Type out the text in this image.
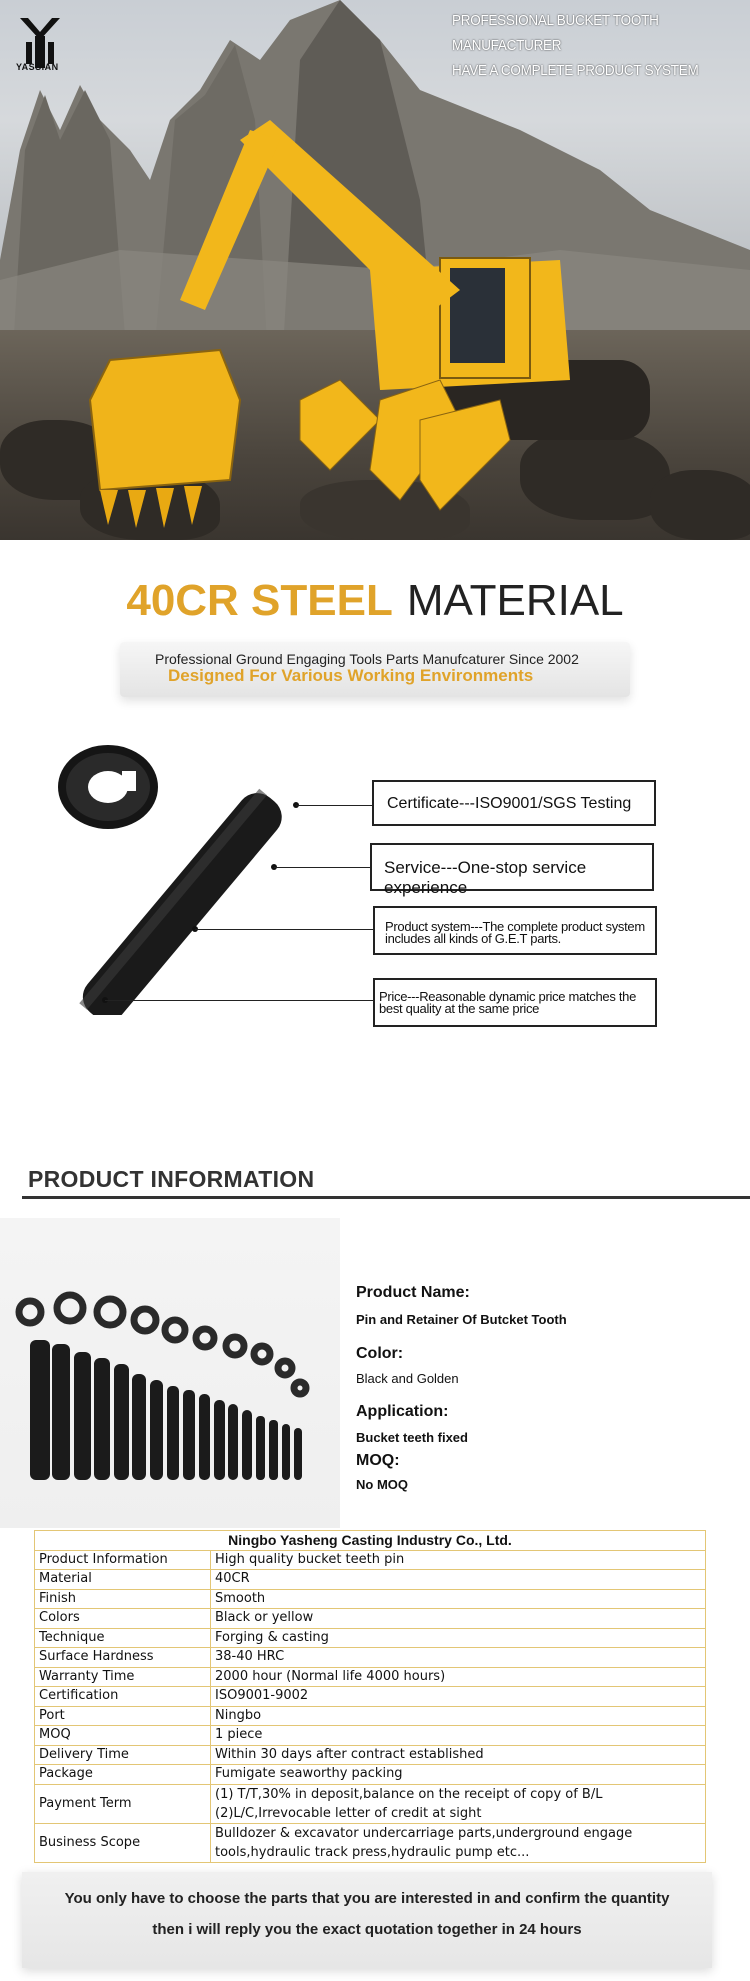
YASSIAN
PROFESSIONAL BUCKET TOOTH MANUFACTURER
HAVE A COMPLETE PRODUCT SYSTEM
40CR STEEL MATERIAL
Professional Ground Engaging Tools Parts Manufcaturer Since 2002
Designed For Various Working Environments
Certificate---ISO9001/SGS Testing
Service---One-stop service experience
Product system---The complete product system includes all kinds of G.E.T parts.
Price---Reasonable dynamic price matches the best quality at the same price
PRODUCT INFORMATION
Product Name:
Pin and Retainer Of Butcket Tooth
Color:
Black and Golden
Application:
Bucket teeth fixed
MOQ:
No MOQ
Ningbo Yasheng Casting Industry Co., Ltd.	
Product Information	High quality bucket teeth pin
Material	40CR
Finish	Smooth
Colors	Black or yellow
Technique	Forging & casting
Surface Hardness	38-40 HRC
Warranty Time	2000 hour (Normal life 4000 hours)
Certification	ISO9001-9002
Port	Ningbo
MOQ	1 piece
Delivery Time	Within 30 days after contract established
Package	Fumigate seaworthy packing
Payment Term	(1) T/T,30% in deposit,balance on the receipt of copy of B/L (2)L/C,Irrevocable letter of credit at sight
Business Scope	Bulldozer & excavator undercarriage parts,underground engage tools,hydraulic track press,hydraulic pump etc...
You only have to choose the parts that you are interested in and confirm the quantity
then i will reply you the exact quotation together in 24 hours
